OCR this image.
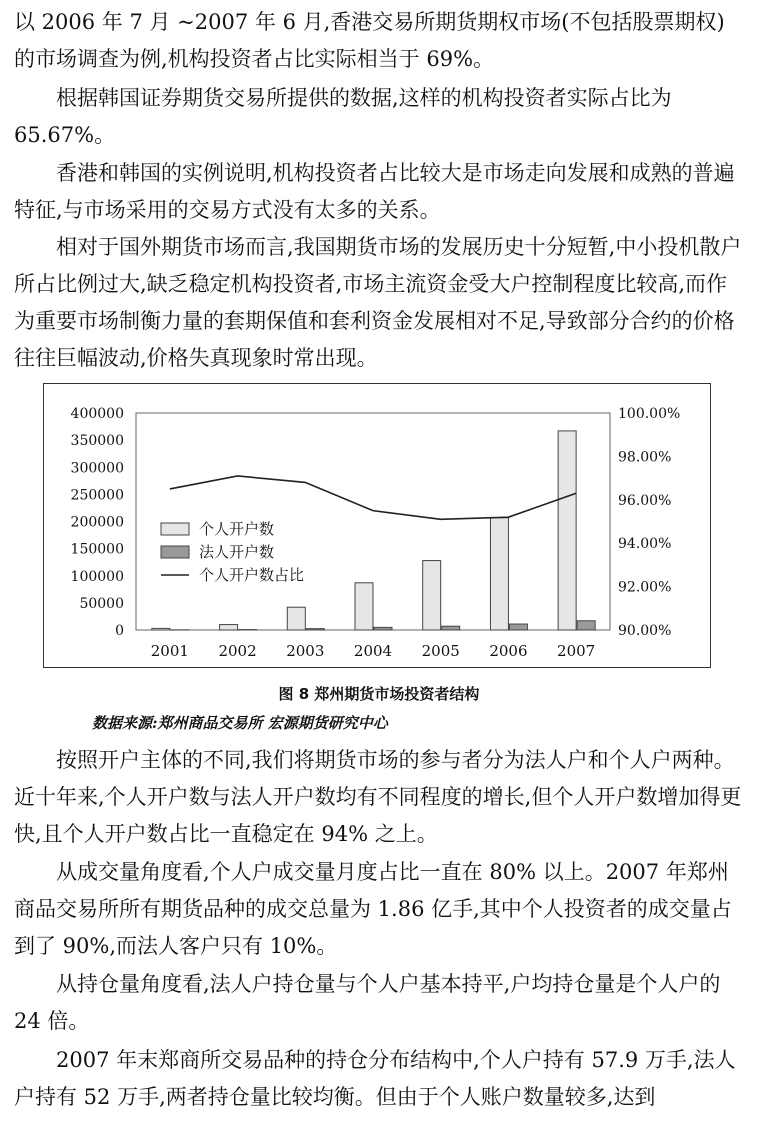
以 2006 年 7 月 ~2007 年 6 月,香港交易所期货期权市场(不包括股票期权)的市场调查为例,机构投资者占比实际相当于 69%。

根据韩国证券期货交易所提供的数据,这样的机构投资者实际占比为 65.67%。

香港和韩国的实例说明,机构投资者占比较大是市场走向发展和成熟的普遍特征,与市场采用的交易方式没有太多的关系。

相对于国外期货市场而言,我国期货市场的发展历史十分短暂,中小投机散户所占比例过大,缺乏稳定机构投资者,市场主流资金受大户控制程度比较高,而作为重要市场制衡力量的套期保值和套利资金发展相对不足,导致部分合约的价格往往巨幅波动,价格失真现象时常出现。

0
50000
100000
150000
200000
250000
300000
350000
400000
90.00%
92.00%
94.00%
96.00%
98.00%
100.00%
2001 2002 2003 2004 2005 2006 2007
个人开户数
法人开户数
个人开户数占比
图 8 郑州期货市场投资者结构
数据来源:郑州商品交易所 宏源期货研究中心

按照开户主体的不同,我们将期货市场的参与者分为法人户和个人户两种。近十年来,个人开户数与法人开户数均有不同程度的增长,但个人开户数增加得更快,且个人开户数占比一直稳定在 94% 之上。

从成交量角度看,个人户成交量月度占比一直在 80% 以上。2007 年郑州商品交易所所有期货品种的成交总量为 1.86 亿手,其中个人投资者的成交量占到了 90%,而法人客户只有 10%。

从持仓量角度看,法人户持仓量与个人户基本持平,户均持仓量是个人户的 24 倍。

2007 年末郑商所交易品种的持仓分布结构中,个人户持有 57.9 万手,法人户持有 52 万手,两者持仓量比较均衡。但由于个人账户数量较多,达到
